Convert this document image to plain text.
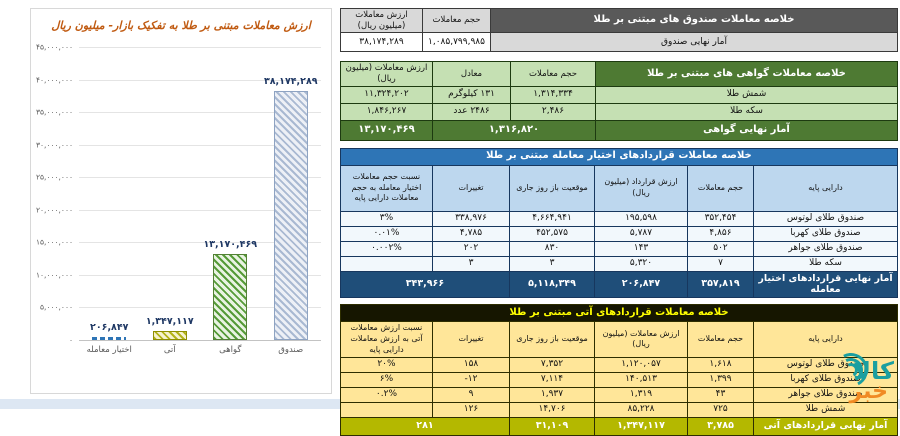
ارزش معاملات مبتنی بر طلا به تفکیک بازار- میلیون ریال
۴۵,۰۰۰,۰۰۰
۴۰,۰۰۰,۰۰۰
۳۵,۰۰۰,۰۰۰
۳۰,۰۰۰,۰۰۰
۲۵,۰۰۰,۰۰۰
۲۰,۰۰۰,۰۰۰
۱۵,۰۰۰,۰۰۰
۱۰,۰۰۰,۰۰۰
۵,۰۰۰,۰۰۰
۰
۲۰۶,۸۴۷
اختیار معامله
۱,۳۴۷,۱۱۷
آتی
۱۳,۱۷۰,۴۶۹
گواهی
۳۸,۱۷۴,۲۸۹
صندوق
خلاصه معاملات صندوق های مبتنی بر طلا	حجم معاملات	ارزش معاملات (میلیون ریال)
آمار نهایی صندوق	۱,۰۸۵,۷۹۹,۹۸۵	۳۸,۱۷۴,۲۸۹
خلاصه معاملات گواهی های مبتنی بر طلا	حجم معاملات	معادل	ارزش معاملات (میلیون ریال)
شمش طلا	۱,۳۱۴,۳۳۴	۱۳۱ کیلوگرم	۱۱,۳۲۴,۲۰۲
سکه طلا	۲,۴۸۶	۲۴۸۶ عدد	۱,۸۴۶,۲۶۷
آمار نهایی گواهی	۱,۳۱۶,۸۲۰		۱۳,۱۷۰,۴۶۹
خلاصه معاملات قراردادهای اختیار معامله مبتنی بر طلا					
دارایی پایه	حجم معاملات	ارزش قرارداد (میلیون ریال)	موقعیت باز روز جاری	تغییرات	نسبت حجم معاملات اختیار معامله به حجم معاملات دارایی پایه
صندوق طلای لوتوس	۳۵۲,۴۵۴	۱۹۵,۵۹۸	۴,۶۶۴,۹۴۱	۳۳۸,۹۷۶	۳%
صندوق طلای کهربا	۴,۸۵۶	۵,۷۸۷	۴۵۲,۵۷۵	۴,۷۸۵	۰.۰۱%
صندوق طلای جواهر	۵۰۲	۱۴۳	۸۳۰	۲۰۲	۰.۰۰۲%
سکه طلا	۷	۵,۳۲۰	۳	۳	
آمار نهایی قراردادهای اختیار معامله	۳۵۷,۸۱۹	۲۰۶,۸۴۷	۵,۱۱۸,۳۴۹	۳۴۳,۹۶۶	
خلاصه معاملات قراردادهای آتی مبتنی بر طلا					
دارایی پایه	حجم معاملات	ارزش معاملات (میلیون ریال)	موقعیت باز روز جاری	تغییرات	نسبت ارزش معاملات آتی به ارزش معاملات دارایی پایه
صندوق طلای لوتوس	۱,۶۱۸	۱,۱۲۰,۰۵۷	۷,۳۵۲	۱۵۸	۲۰%
صندوق طلای کهربا	۱,۳۹۹	۱۴۰,۵۱۳	۷,۱۱۴	-۱۲	۶%
صندوق طلای جواهر	۴۳	۱,۳۱۹	۱,۹۳۷	۹	۰.۲%
شمش طلا	۷۲۵	۸۵,۲۲۸	۱۴,۷۰۶	۱۲۶	
آمار نهایی قراردادهای آتی	۳,۷۸۵	۱,۳۴۷,۱۱۷	۳۱,۱۰۹	۲۸۱	
کالا
خبر
